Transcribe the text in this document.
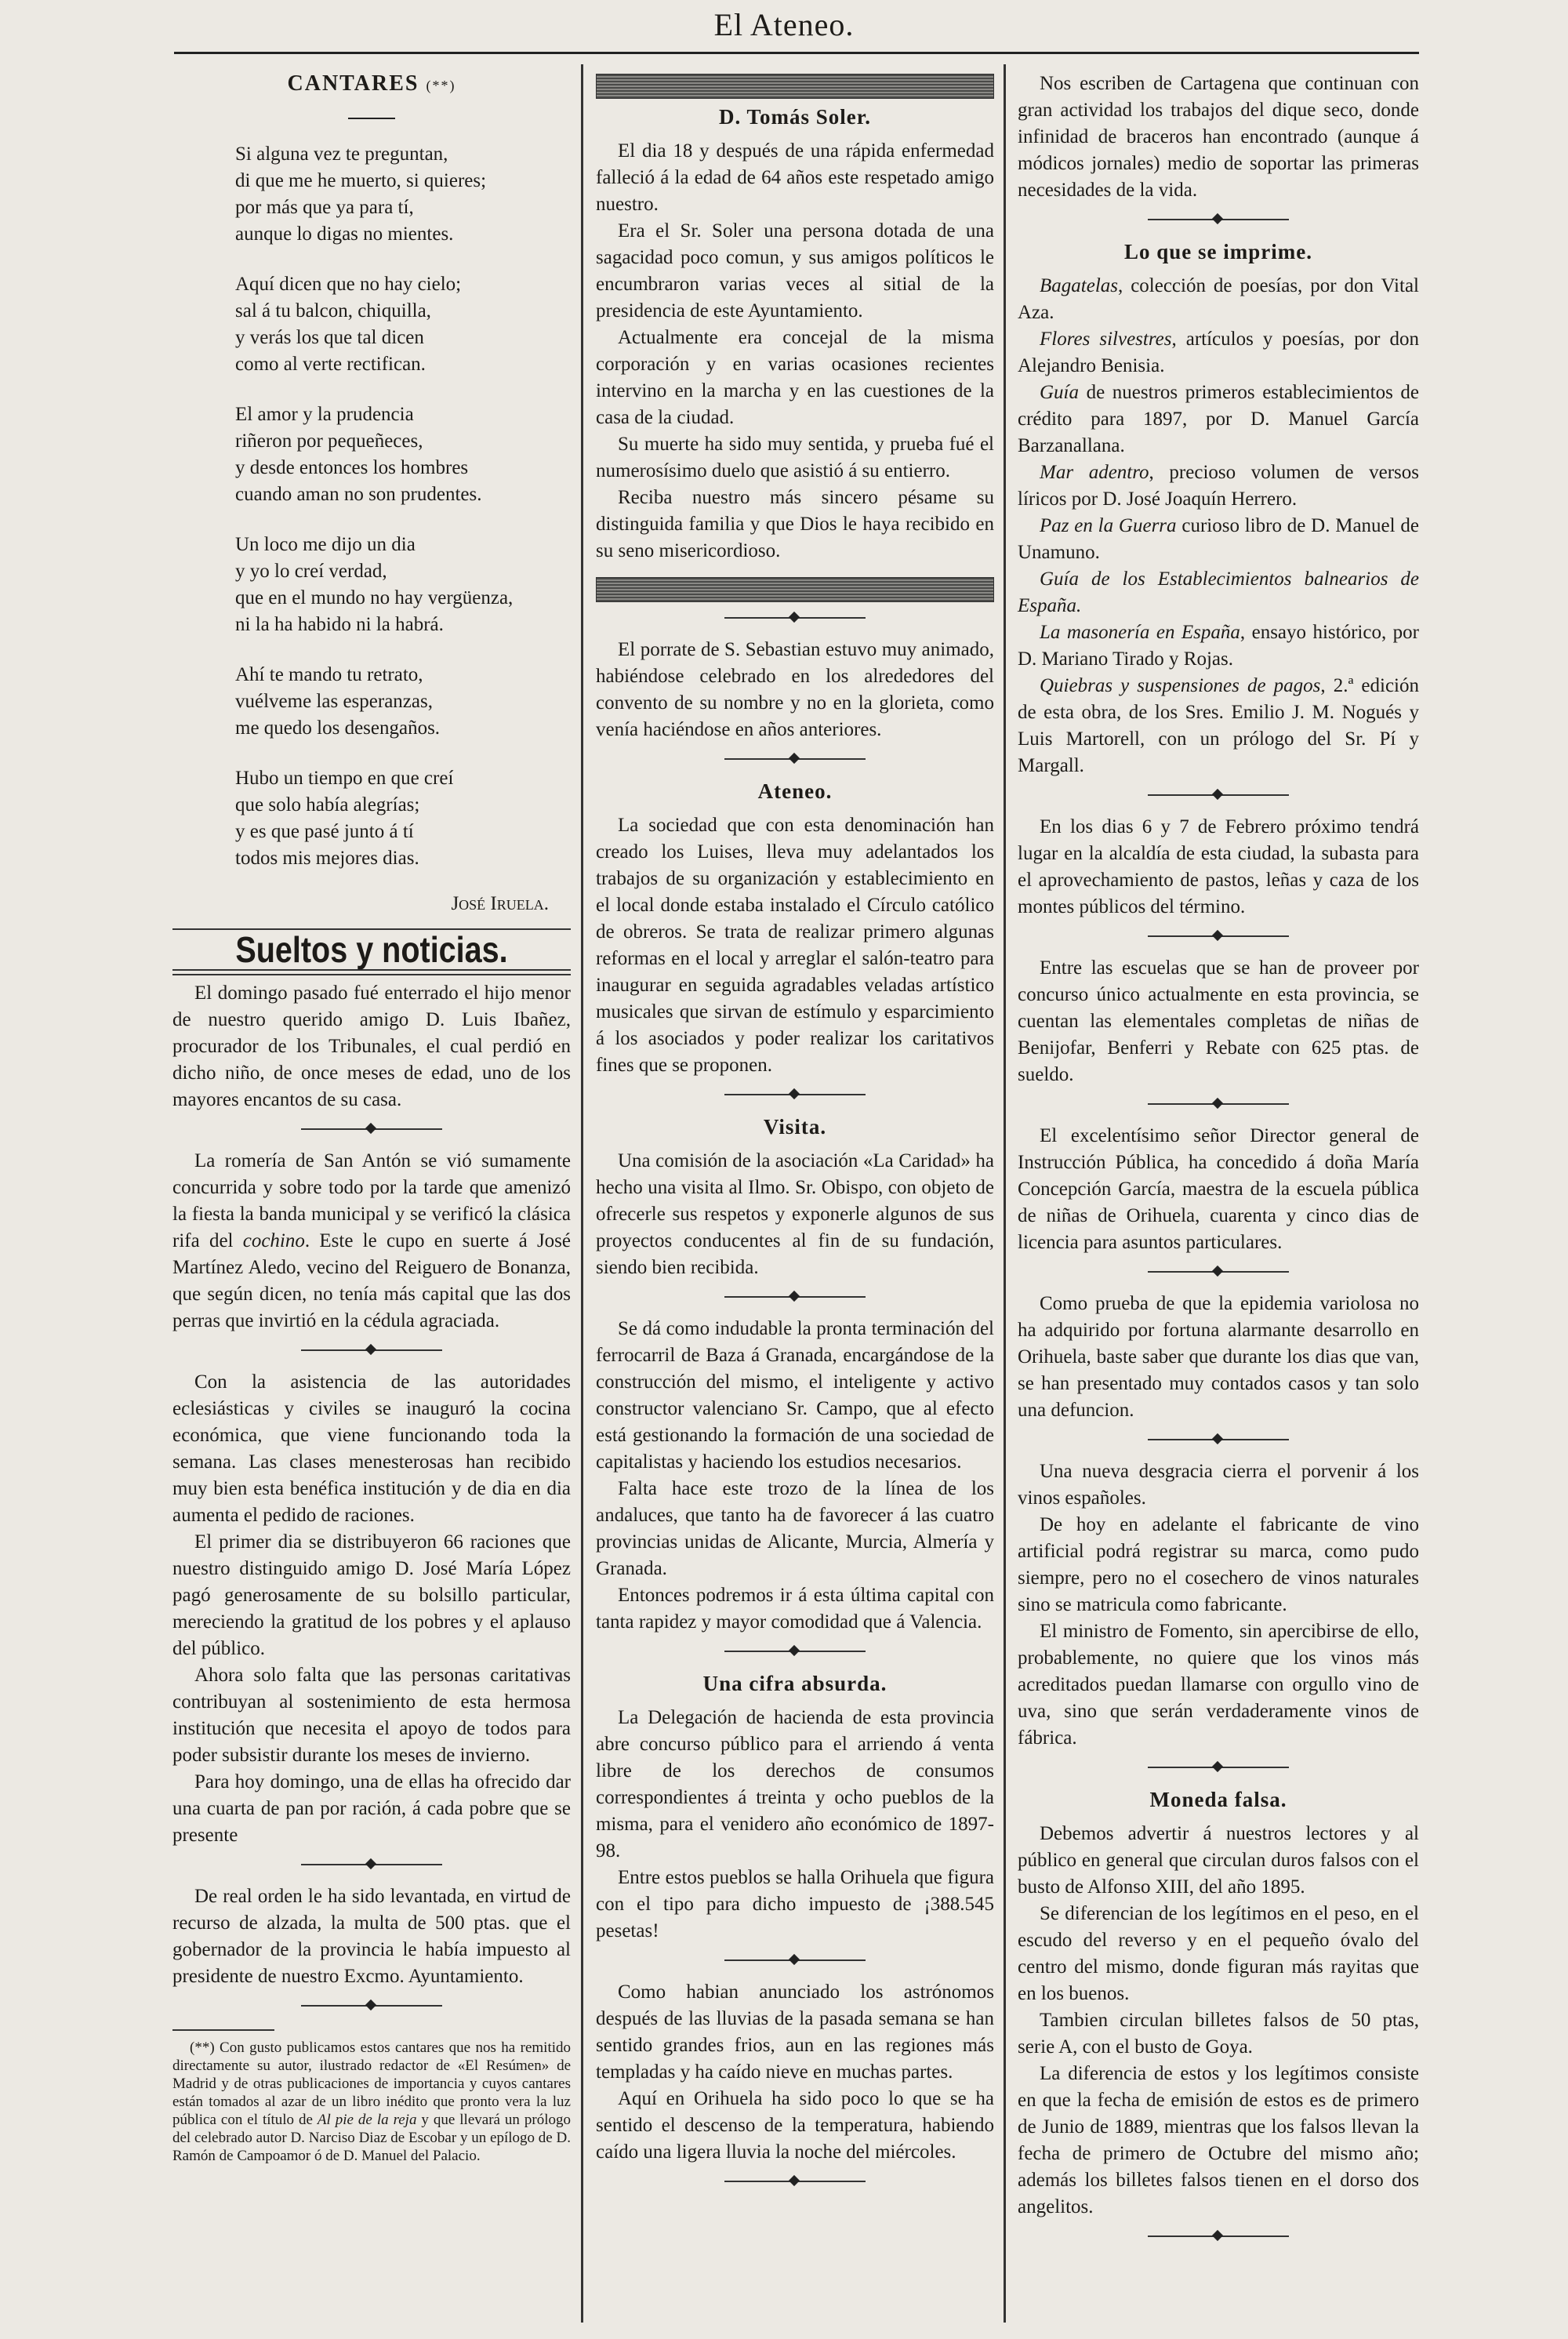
El Ateneo.
CANTARES (**)
Si alguna vez te preguntan,
di que me he muerto, si quieres;
por más que ya para tí,
aunque lo digas no mientes.
Aquí dicen que no hay cielo;
sal á tu balcon, chiquilla,
y verás los que tal dicen
como al verte rectifican.
El amor y la prudencia
riñeron por pequeñeces,
y desde entonces los hombres
cuando aman no son prudentes.
Un loco me dijo un dia
y yo lo creí verdad,
que en el mundo no hay vergüenza,
ni la ha habido ni la habrá.
Ahí te mando tu retrato,
vuélveme las esperanzas,
me quedo los desengaños.
Hubo un tiempo en que creí
que solo había alegrías;
y es que pasé junto á tí
todos mis mejores dias.
José Iruela.
Sueltos y noticias.

El domingo pasado fué enterrado el hijo menor de nuestro querido amigo D. Luis Ibañez, procurador de los Tribunales, el cual perdió en dicho niño, de once meses de edad, uno de los mayores encantos de su casa.

La romería de San Antón se vió sumamente concurrida y sobre todo por la tarde que amenizó la fiesta la banda municipal y se verificó la clásica rifa del cochino. Este le cupo en suerte á José Martínez Aledo, vecino del Reiguero de Bonanza, que según dicen, no tenía más capital que las dos perras que invirtió en la cédula agraciada.

Con la asistencia de las autoridades eclesiásticas y civiles se inauguró la cocina económica, que viene funcionando toda la semana. Las clases menesterosas han recibido muy bien esta benéfica institución y de dia en dia aumenta el pedido de raciones.

El primer dia se distribuyeron 66 raciones que nuestro distinguido amigo D. José María López pagó generosamente de su bolsillo particular, mereciendo la gratitud de los pobres y el aplauso del público.

Ahora solo falta que las personas caritativas contribuyan al sostenimiento de esta hermosa institución que necesita el apoyo de todos para poder subsistir durante los meses de invierno.

Para hoy domingo, una de ellas ha ofrecido dar una cuarta de pan por ración, á cada pobre que se presente

De real orden le ha sido levantada, en virtud de recurso de alzada, la multa de 500 ptas. que el gobernador de la provincia le había impuesto al presidente de nuestro Excmo. Ayuntamiento.

(**) Con gusto publicamos estos cantares que nos ha remitido directamente su autor, ilustrado redactor de «El Resúmen» de Madrid y de otras publicaciones de importancia y cuyos cantares están tomados al azar de un libro inédito que pronto vera la luz pública con el título de Al pie de la reja y que llevará un prólogo del celebrado autor D. Narciso Diaz de Escobar y un epílogo de D. Ramón de Campoamor ó de D. Manuel del Palacio.

D. Tomás Soler.

El dia 18 y después de una rápida enfermedad falleció á la edad de 64 años este respetado amigo nuestro.

Era el Sr. Soler una persona dotada de una sagacidad poco comun, y sus amigos políticos le encumbraron varias veces al sitial de la presidencia de este Ayuntamiento.

Actualmente era concejal de la misma corporación y en varias ocasiones recientes intervino en la marcha y en las cuestiones de la casa de la ciudad.

Su muerte ha sido muy sentida, y prueba fué el numerosísimo duelo que asistió á su entierro.

Reciba nuestro más sincero pésame su distinguida familia y que Dios le haya recibido en su seno misericordioso.

El porrate de S. Sebastian estuvo muy animado, habiéndose celebrado en los alrededores del convento de su nombre y no en la glorieta, como venía haciéndose en años anteriores.

Ateneo.

La sociedad que con esta denominación han creado los Luises, lleva muy adelantados los trabajos de su organización y establecimiento en el local donde estaba instalado el Círculo católico de obreros. Se trata de realizar primero algunas reformas en el local y arreglar el salón-teatro para inaugurar en seguida agradables veladas artístico musicales que sirvan de estímulo y esparcimiento á los asociados y poder realizar los caritativos fines que se proponen.

Visita.

Una comisión de la asociación «La Caridad» ha hecho una visita al Ilmo. Sr. Obispo, con objeto de ofrecerle sus respetos y exponerle algunos de sus proyectos conducentes al fin de su fundación, siendo bien recibida.

Se dá como indudable la pronta terminación del ferrocarril de Baza á Granada, encargándose de la construcción del mismo, el inteligente y activo constructor valenciano Sr. Campo, que al efecto está gestionando la formación de una sociedad de capitalistas y haciendo los estudios necesarios.

Falta hace este trozo de la línea de los andaluces, que tanto ha de favorecer á las cuatro provincias unidas de Alicante, Murcia, Almería y Granada.

Entonces podremos ir á esta última capital con tanta rapidez y mayor comodidad que á Valencia.

Una cifra absurda.

La Delegación de hacienda de esta provincia abre concurso público para el arriendo á venta libre de los derechos de consumos correspondientes á treinta y ocho pueblos de la misma, para el venidero año económico de 1897-98.

Entre estos pueblos se halla Orihuela que figura con el tipo para dicho impuesto de ¡388.545 pesetas!

Como habian anunciado los astrónomos después de las lluvias de la pasada semana se han sentido grandes frios, aun en las regiones más templadas y ha caído nieve en muchas partes.

Aquí en Orihuela ha sido poco lo que se ha sentido el descenso de la temperatura, habiendo caído una ligera lluvia la noche del miércoles.

Nos escriben de Cartagena que continuan con gran actividad los trabajos del dique seco, donde infinidad de braceros han encontrado (aunque á módicos jornales) medio de soportar las primeras necesidades de la vida.

Lo que se imprime.

Bagatelas, colección de poesías, por don Vital Aza.

Flores silvestres, artículos y poesías, por don Alejandro Benisia.

Guía de nuestros primeros establecimientos de crédito para 1897, por D. Manuel García Barzanallana.

Mar adentro, precioso volumen de versos líricos por D. José Joaquín Herrero.

Paz en la Guerra curioso libro de D. Manuel de Unamuno.

Guía de los Establecimientos balnearios de España.

La masonería en España, ensayo histórico, por D. Mariano Tirado y Rojas.

Quiebras y suspensiones de pagos, 2.ª edición de esta obra, de los Sres. Emilio J. M. Nogués y Luis Martorell, con un prólogo del Sr. Pí y Margall.

En los dias 6 y 7 de Febrero próximo tendrá lugar en la alcaldía de esta ciudad, la subasta para el aprovechamiento de pastos, leñas y caza de los montes públicos del término.

Entre las escuelas que se han de proveer por concurso único actualmente en esta provincia, se cuentan las elementales completas de niñas de Benijofar, Benferri y Rebate con 625 ptas. de sueldo.

El excelentísimo señor Director general de Instrucción Pública, ha concedido á doña María Concepción García, maestra de la escuela pública de niñas de Orihuela, cuarenta y cinco dias de licencia para asuntos particulares.

Como prueba de que la epidemia variolosa no ha adquirido por fortuna alarmante desarrollo en Orihuela, baste saber que durante los dias que van, se han presentado muy contados casos y tan solo una defuncion.

Una nueva desgracia cierra el porvenir á los vinos españoles.

De hoy en adelante el fabricante de vino artificial podrá registrar su marca, como pudo siempre, pero no el cosechero de vinos naturales sino se matricula como fabricante.

El ministro de Fomento, sin apercibirse de ello, probablemente, no quiere que los vinos más acreditados puedan llamarse con orgullo vino de uva, sino que serán verdaderamente vinos de fábrica.

Moneda falsa.

Debemos advertir á nuestros lectores y al público en general que circulan duros falsos con el busto de Alfonso XIII, del año 1895.

Se diferencian de los legítimos en el peso, en el escudo del reverso y en el pequeño óvalo del centro del mismo, donde figuran más rayitas que en los buenos.

Tambien circulan billetes falsos de 50 ptas, serie A, con el busto de Goya.

La diferencia de estos y los legítimos consiste en que la fecha de emisión de estos es de primero de Junio de 1889, mientras que los falsos llevan la fecha de primero de Octubre del mismo año; además los billetes falsos tienen en el dorso dos angelitos.
